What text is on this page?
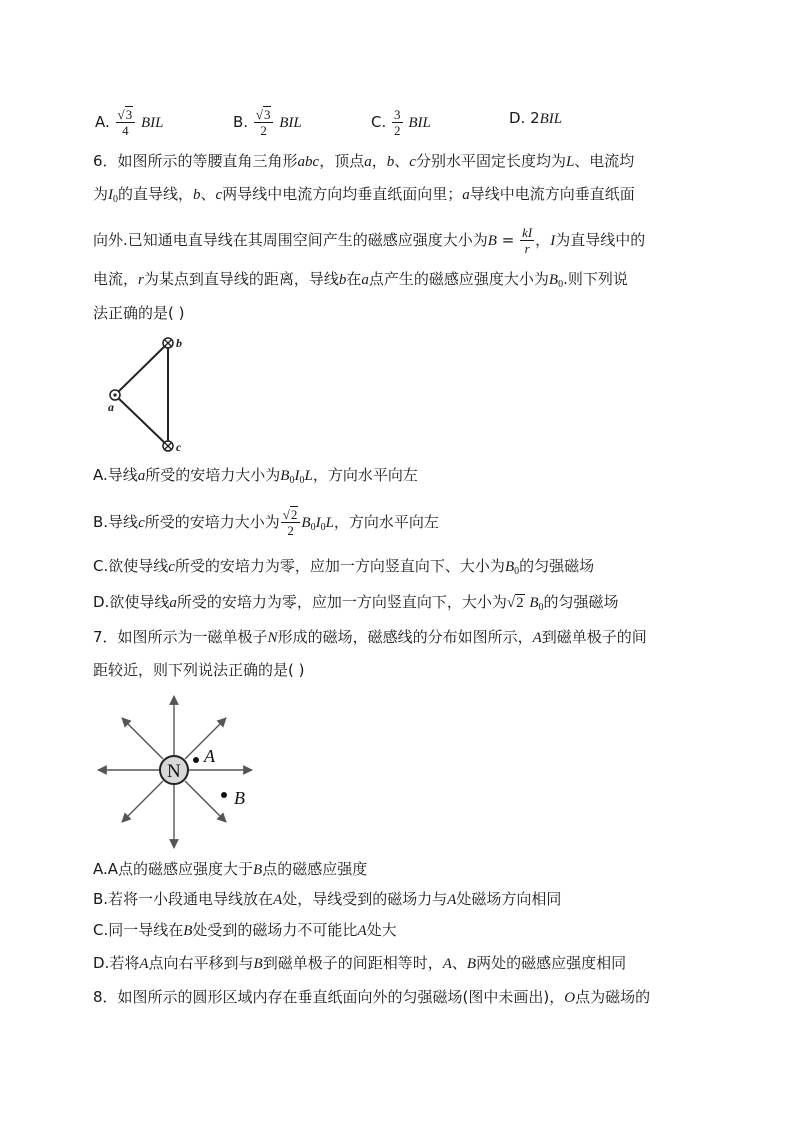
A. $\frac{√3}{4}$ BIL	B. $\frac{√3}{2}$ BIL	C. $\frac{3}{2}$ BIL	D. 2BIL
6．如图所示的等腰直角三角形abc，顶点a，b、c分别水平固定长度均为L、电流均
为$I_0$的直导线，b、c两导线中电流方向均垂直纸面向里；a导线中电流方向垂直纸面
向外.已知通电直导线在其周围空间产生的磁感应强度大小为$B = \frac{kI}{r}$ ，I为直导线中的
电流，r为某点到直导线的距离，导线b在a点产生的磁感应强度大小为$B_0$.则下列说
法正确的是( )
a
b
c
A.导线a所受的安培力大小为$B_0I_0L$，方向水平向左
B.导线c所受的安培力大小为 $\frac{√2}{2} B_0I_0L$，方向水平向左
C.欲使导线c所受的安培力为零，应加一方向竖直向下、大小为$B_0$的匀强磁场
D.欲使导线a所受的安培力为零，应加一方向竖直向下，大小为√2 $B_0$的匀强磁场
7．如图所示为一磁单极子N形成的磁场，磁感线的分布如图所示，A到磁单极子的间
距较近，则下列说法正确的是( )
N
A
B
A.A点的磁感应强度大于B点的磁感应强度
B.若将一小段通电导线放在A处，导线受到的磁场力与A处磁场方向相同
C.同一导线在B处受到的磁场力不可能比A处大
D.若将A点向右平移到与B到磁单极子的间距相等时，A、B两处的磁感应强度相同
8．如图所示的圆形区域内存在垂直纸面向外的匀强磁场(图中未画出)，O点为磁场的
